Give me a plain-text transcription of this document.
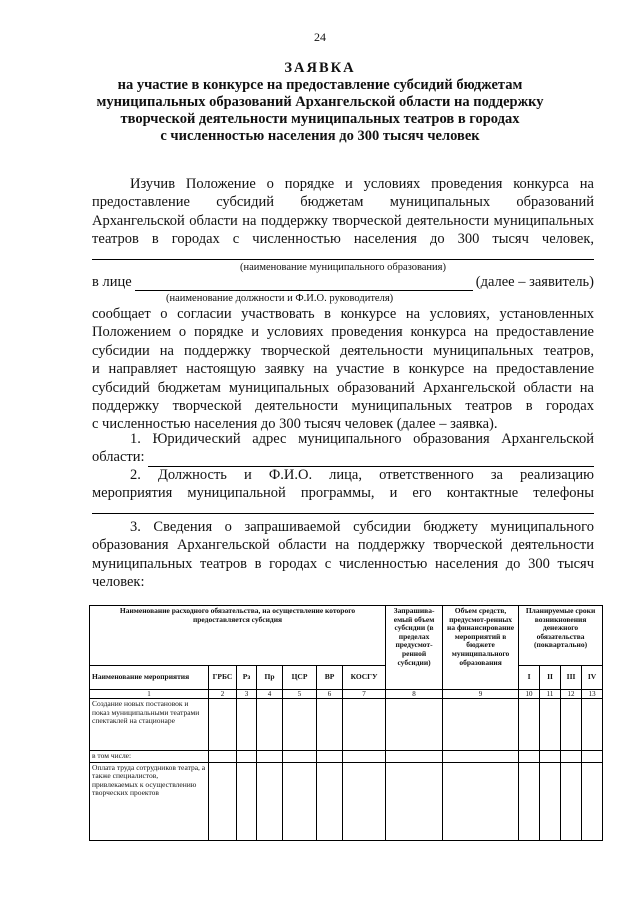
24
ЗАЯВКА
на участие в конкурсе на предоставление субсидий бюджетам
муниципальных образований Архангельской области на поддержку
творческой деятельности муниципальных театров в городах
с численностью населения до 300 тысяч человек
Изучив Положение о порядке и условиях проведения конкурса на
предоставление субсидий бюджетам муниципальных образований
Архангельской области на поддержку творческой деятельности муниципальных
театров в городах с численностью населения до 300 тысяч человек,
(наименование муниципального образования)
в лице	(далее – заявитель)
(наименование должности и Ф.И.О. руководителя)
сообщает о согласии участвовать в конкурсе на условиях, установленных
Положением о порядке и условиях проведения конкурса на предоставление
субсидии на поддержку творческой деятельности муниципальных театров,
и направляет настоящую заявку на участие в конкурсе на предоставление
субсидий бюджетам муниципальных образований Архангельской области на
поддержку творческой деятельности муниципальных театров в городах
с численностью населения до 300 тысяч человек (далее – заявка).
1. Юридический адрес муниципального образования Архангельской
области:
2. Должность и Ф.И.О. лица, ответственного за реализацию
мероприятия муниципальной программы, и его контактные телефоны
3. Сведения о запрашиваемой субсидии бюджету муниципального
образования Архангельской области на поддержку творческой деятельности
муниципальных театров в городах с численностью населения до 300 тысяч
человек:
Наименование расходного обязательства, на осуществление которого предоставляется субсидия							Запрашива-емый объем субсидии (в пределах предусмот-ренной субсидии)	Объем средств, предусмот-ренных на финансирование мероприятий в бюджете муниципального образования	Планируемые сроки возникновения денежного обязательства (поквартально)			
Наименование мероприятия	ГРБС	Рз	Пр	ЦСР	ВР	КОСГУ			I	II	III	IV
1	2	3	4	5	6	7	8	9	10	11	12	13
Создание новых постановок и показ муниципальными театрами спектаклей на стационаре												
в том числе:												
Оплата труда сотрудников театра, а также специалистов, привлекаемых к осуществлению творческих проектов												
